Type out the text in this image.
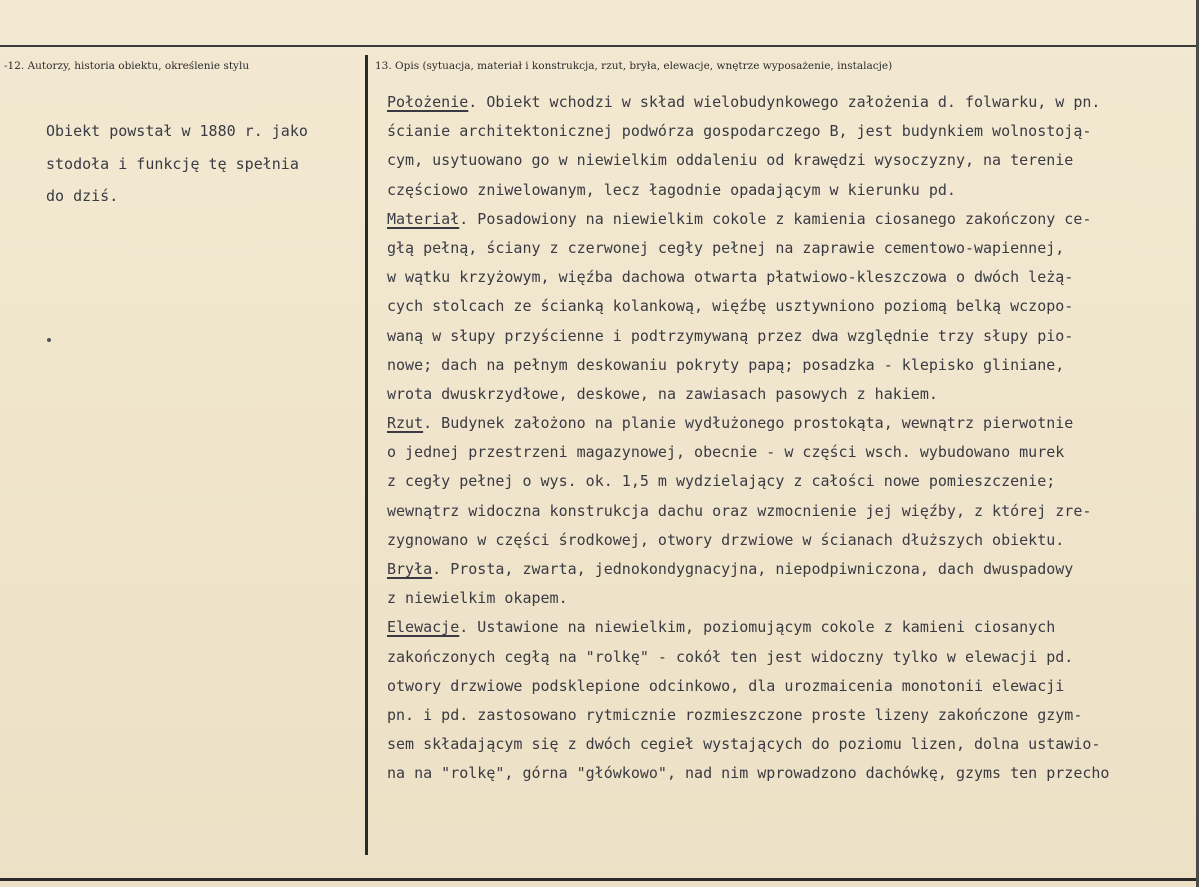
-12. Autorzy, historia obiektu, określenie stylu	13. Opis (sytuacja, materiał i konstrukcja, rzut, bryła, elewacje, wnętrze wyposażenie, instalacje)
Obiekt powstał w 1880 r. jako
stodoła i funkcję tę spełnia
do dziś.
Położenie. Obiekt wchodzi w skład wielobudynkowego założenia d. folwarku, w pn.
ścianie architektonicznej podwórza gospodarczego B, jest budynkiem wolnostoją-
cym, usytuowano go w niewielkim oddaleniu od krawędzi wysoczyzny, na terenie
częściowo zniwelowanym, lecz łagodnie opadającym w kierunku pd.
Materiał. Posadowiony na niewielkim cokole z kamienia ciosanego zakończony ce-
głą pełną, ściany z czerwonej cegły pełnej na zaprawie cementowo-wapiennej,
w wątku krzyżowym, więźba dachowa otwarta płatwiowo-kleszczowa o dwóch leżą-
cych stolcach ze ścianką kolankową, więźbę usztywniono poziomą belką wczopo-
waną w słupy przyścienne i podtrzymywaną przez dwa względnie trzy słupy pio-
nowe; dach na pełnym deskowaniu pokryty papą; posadzka - klepisko gliniane,
wrota dwuskrzydłowe, deskowe, na zawiasach pasowych z hakiem.
Rzut. Budynek założono na planie wydłużonego prostokąta, wewnątrz pierwotnie
o jednej przestrzeni magazynowej, obecnie - w części wsch. wybudowano murek
z cegły pełnej o wys. ok. 1,5 m wydzielający z całości nowe pomieszczenie;
wewnątrz widoczna konstrukcja dachu oraz wzmocnienie jej więźby, z której zre-
zygnowano w części środkowej, otwory drzwiowe w ścianach dłuższych obiektu.
Bryła. Prosta, zwarta, jednokondygnacyjna, niepodpiwniczona, dach dwuspadowy
z niewielkim okapem.
Elewacje. Ustawione na niewielkim, poziomującym cokole z kamieni ciosanych
zakończonych cegłą na "rolkę" - cokół ten jest widoczny tylko w elewacji pd.
otwory drzwiowe podsklepione odcinkowo, dla urozmaicenia monotonii elewacji
pn. i pd. zastosowano rytmicznie rozmieszczone proste lizeny zakończone gzym-
sem składającym się z dwóch cegieł wystających do poziomu lizen, dolna ustawio-
na na "rolkę", górna "główkowo", nad nim wprowadzono dachówkę, gzyms ten przecho
